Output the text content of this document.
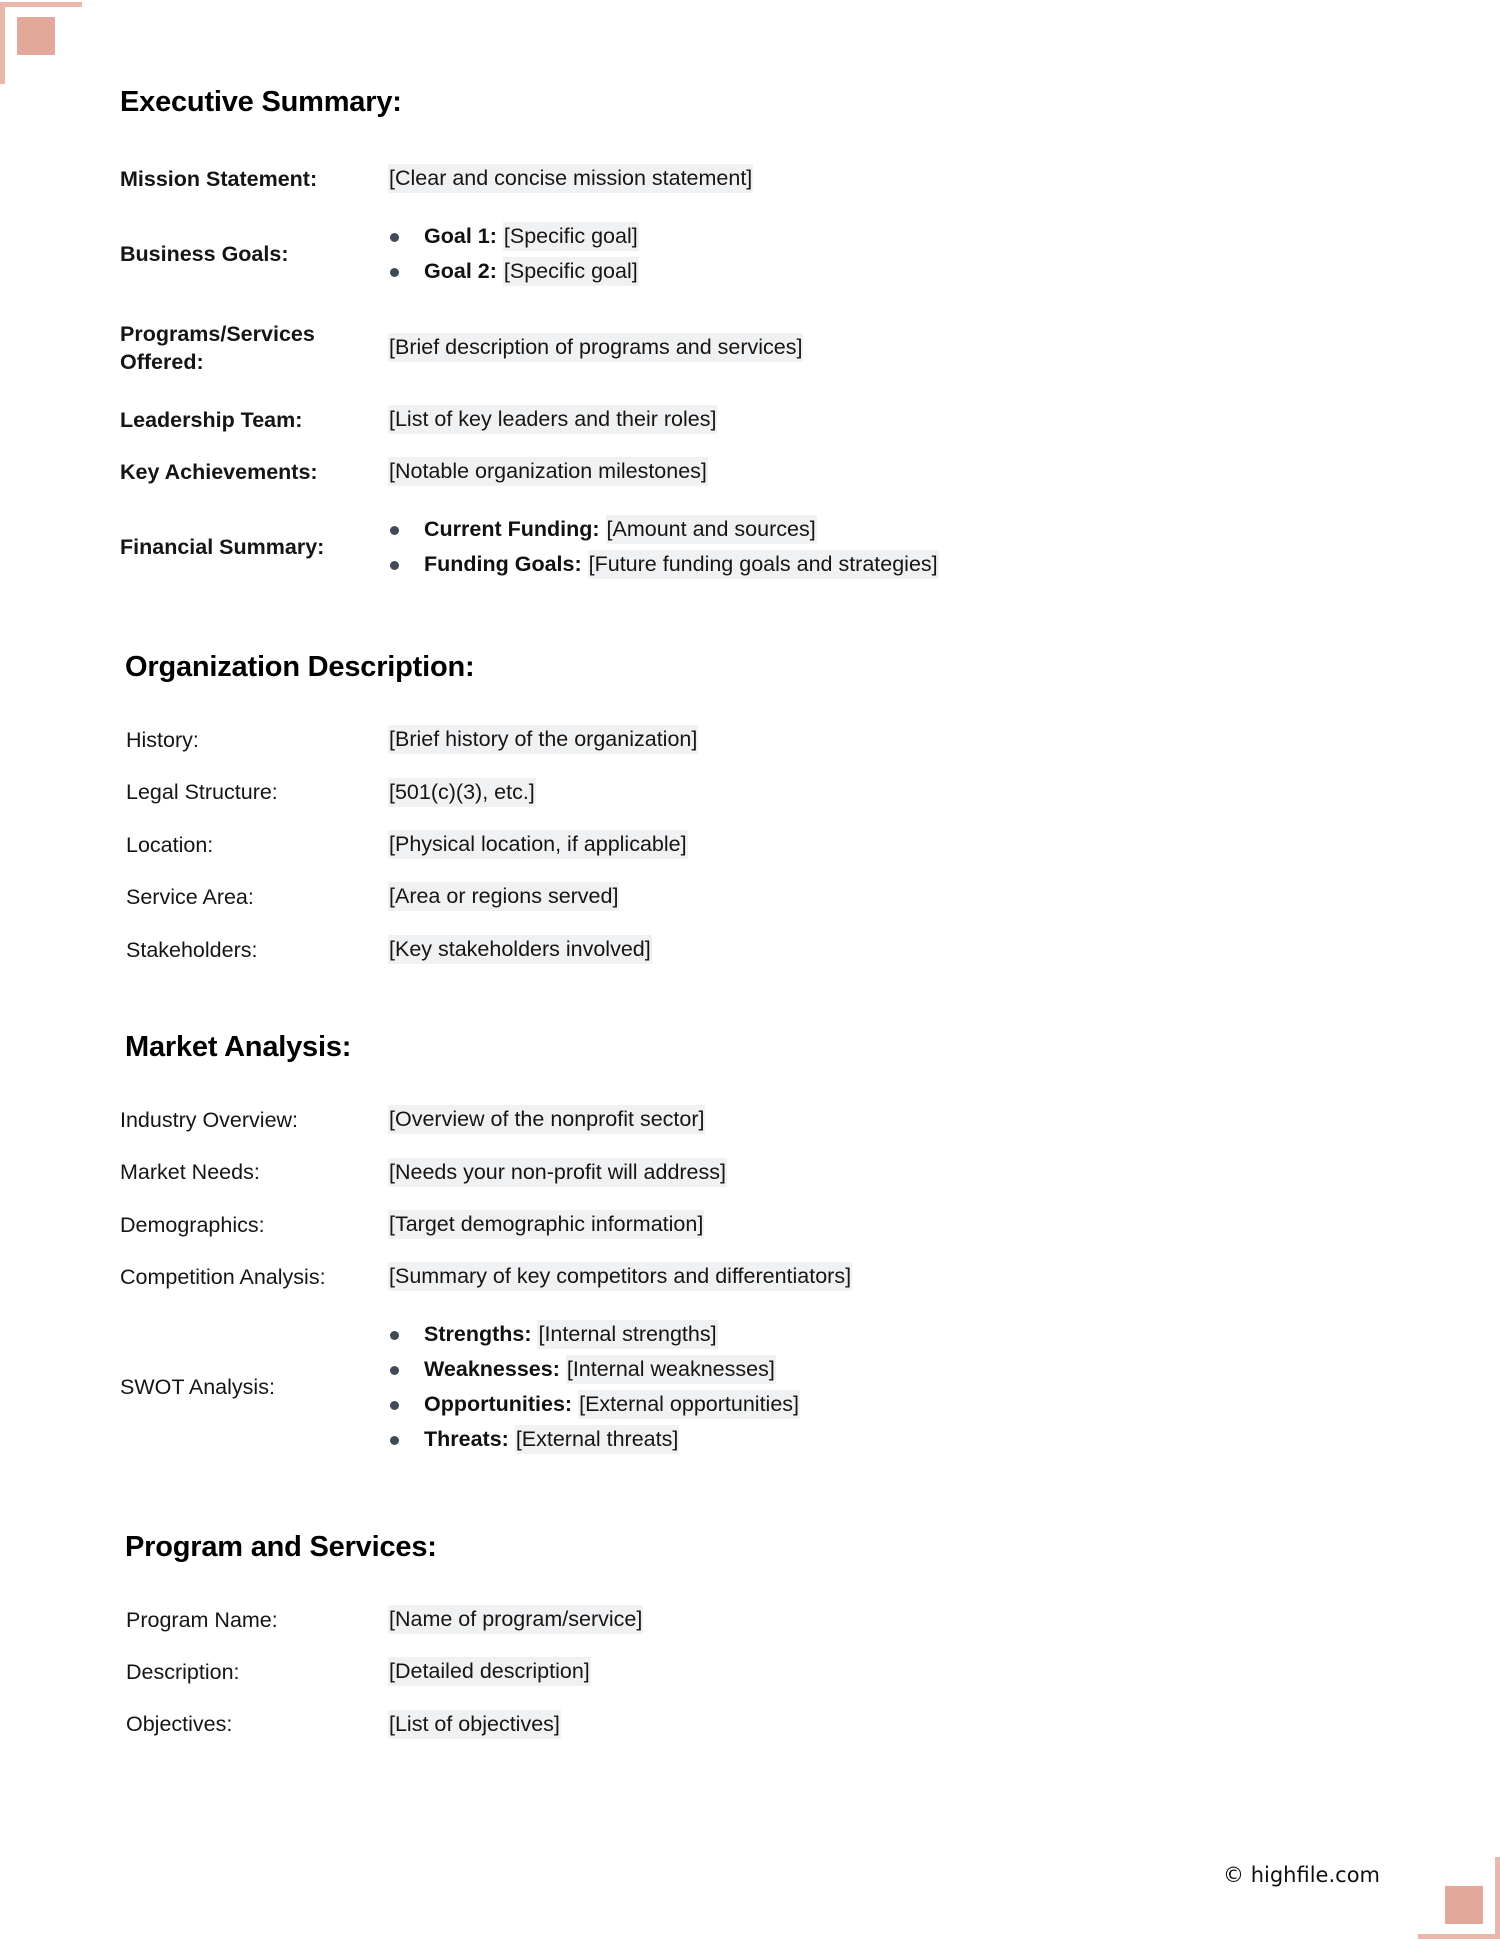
Executive Summary:
Mission Statement:	[Clear and concise mission statement]
Business Goals:	
Goal 1: [Specific goal]
Goal 2: [Specific goal]

Programs/Services Offered:	[Brief description of programs and services]
Leadership Team:	[List of key leaders and their roles]
Key Achievements:	[Notable organization milestones]
Financial Summary:	
Current Funding: [Amount and sources]
Funding Goals: [Future funding goals and strategies]
Organization Description:
History:	[Brief history of the organization]
Legal Structure:	[501(c)(3), etc.]
Location:	[Physical location, if applicable]
Service Area:	[Area or regions served]
Stakeholders:	[Key stakeholders involved]
Market Analysis:
Industry Overview:	[Overview of the nonprofit sector]
Market Needs:	[Needs your non-profit will address]
Demographics:	[Target demographic information]
Competition Analysis:	[Summary of key competitors and differentiators]
SWOT Analysis:	
Strengths: [Internal strengths]
Weaknesses: [Internal weaknesses]
Opportunities: [External opportunities]
Threats: [External threats]
Program and Services:
Program Name:	[Name of program/service]
Description:	[Detailed description]
Objectives:	[List of objectives]
© highfile.com
